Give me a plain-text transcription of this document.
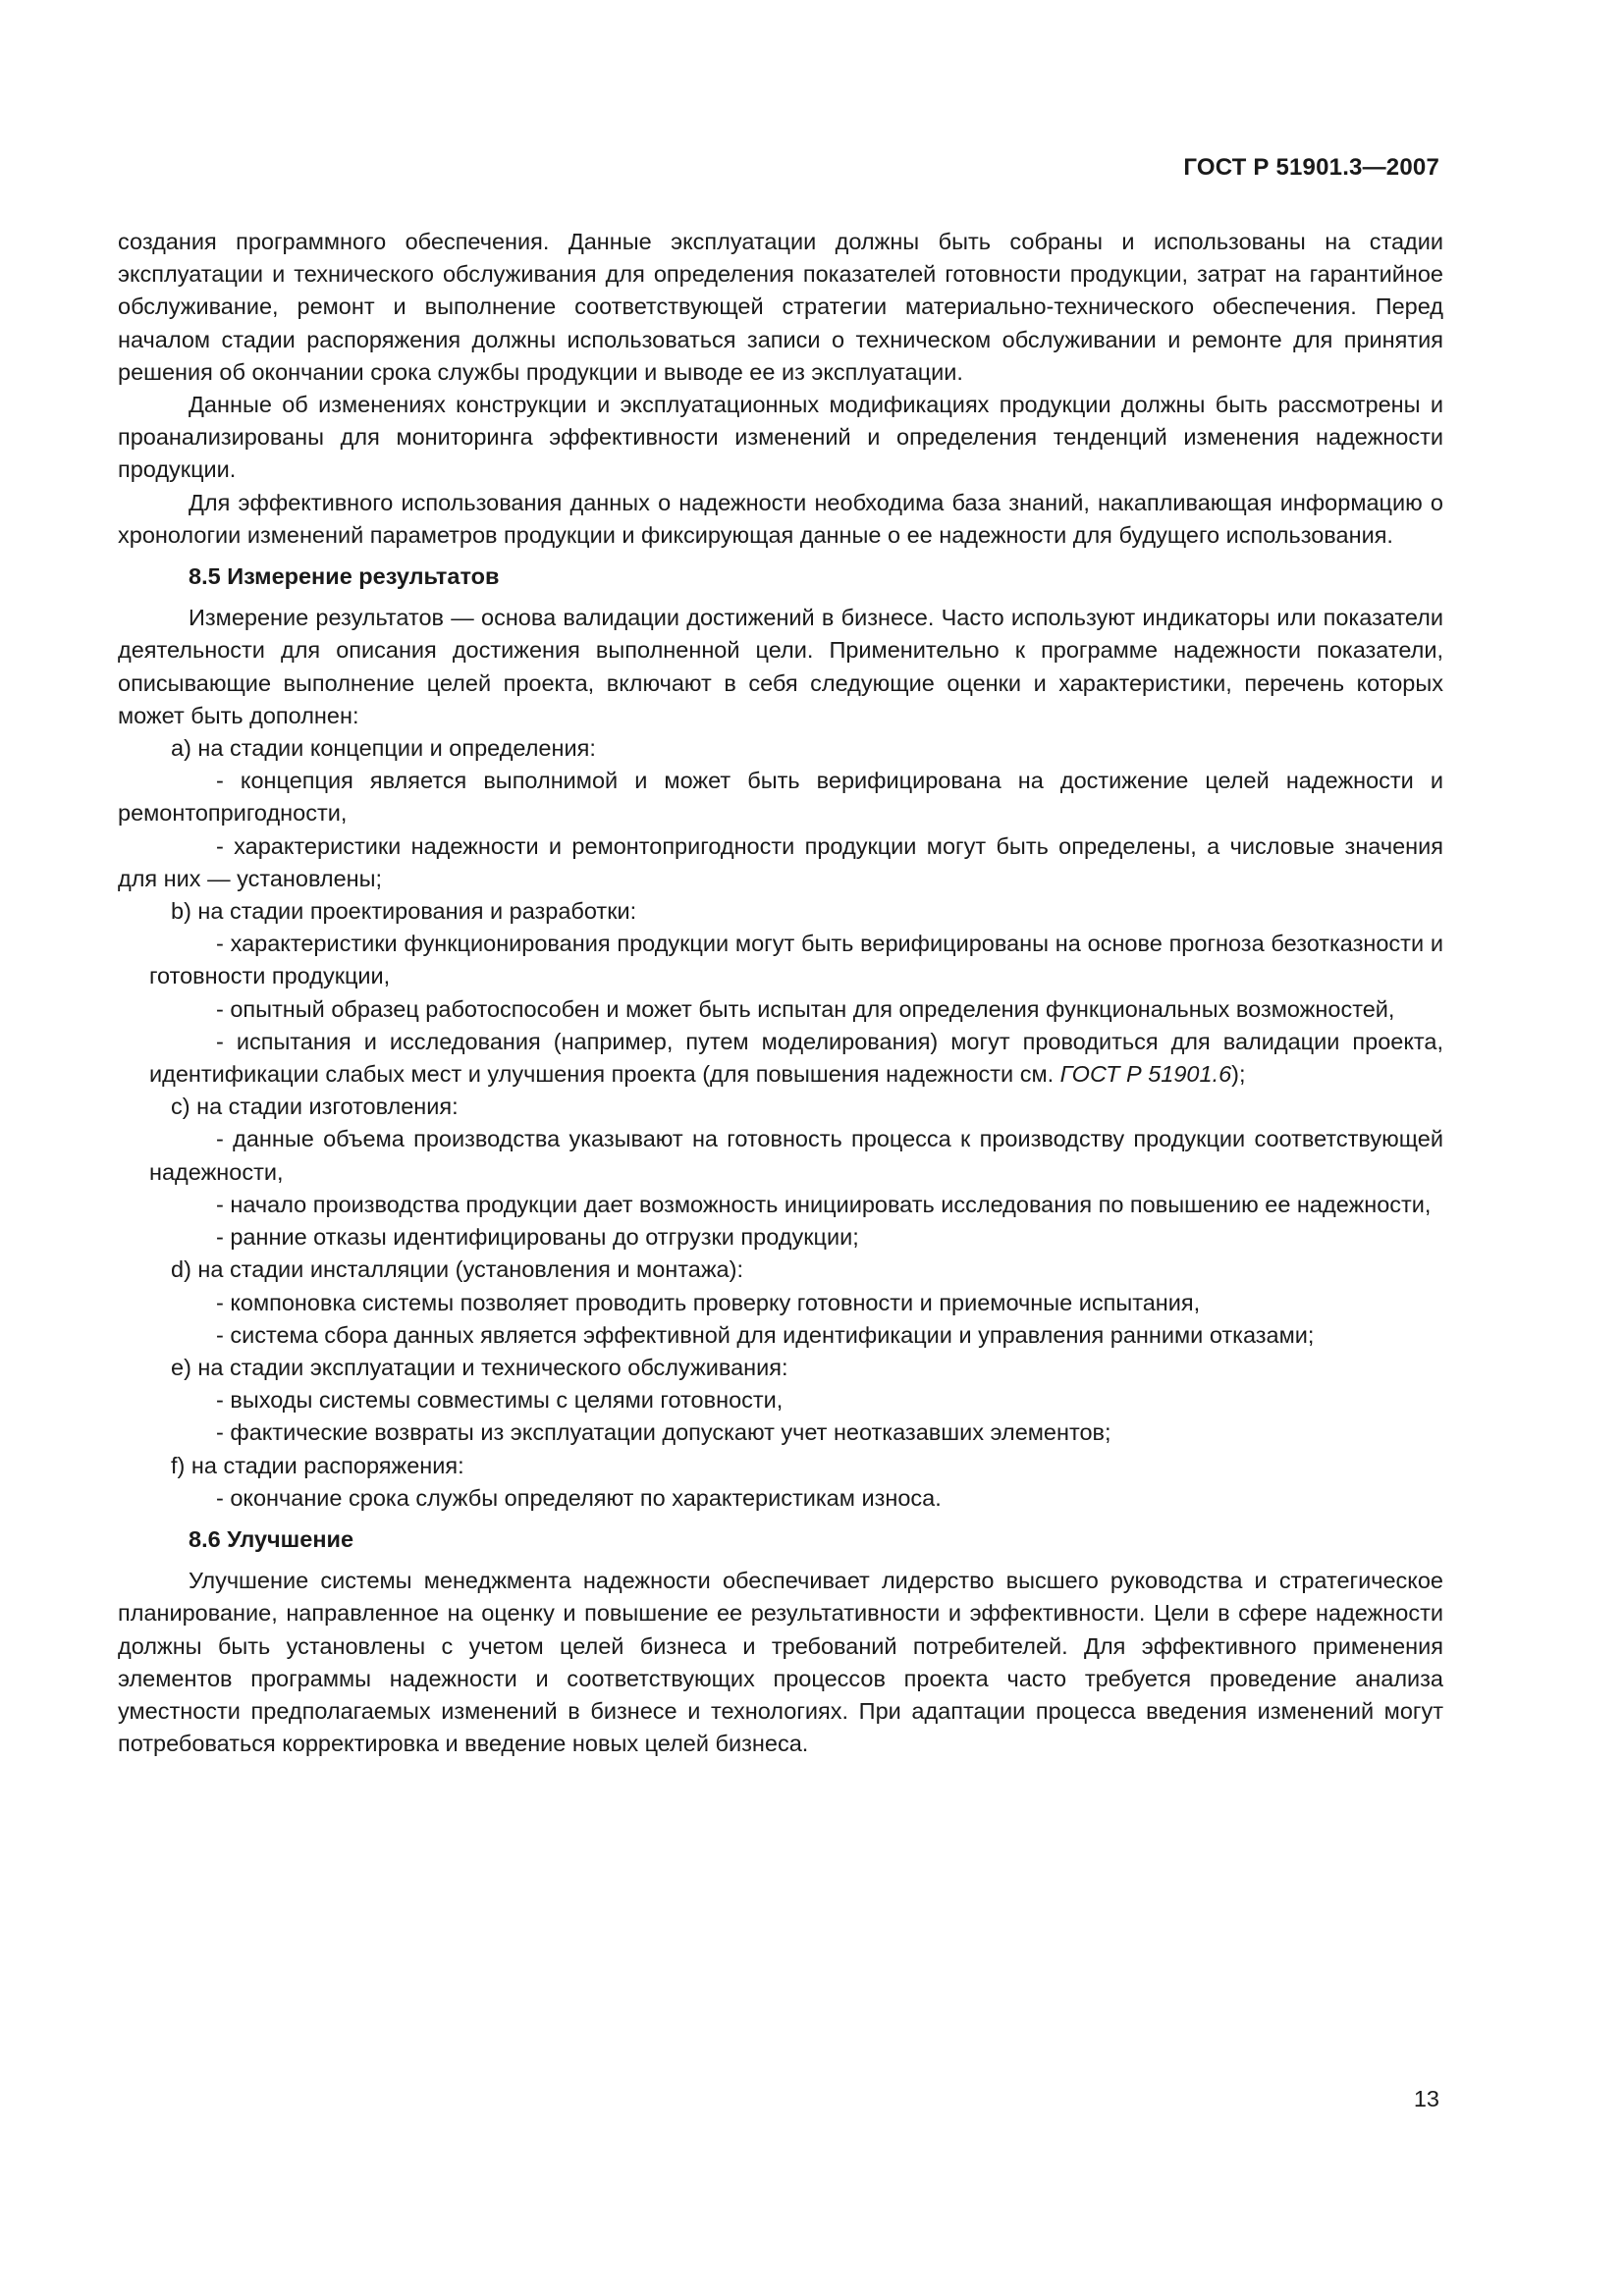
ГОСТ Р 51901.3—2007

создания программного обеспечения. Данные эксплуатации должны быть собраны и использованы на стадии эксплуатации и технического обслуживания для определения показателей готовности продукции, затрат на гарантийное обслуживание, ремонт и выполнение соответствующей стратегии материально-технического обеспечения. Перед началом стадии распоряжения должны использоваться записи о техническом обслуживании и ремонте для принятия решения об окончании срока службы продукции и выводе ее из эксплуатации.

Данные об изменениях конструкции и эксплуатационных модификациях продукции должны быть рассмотрены и проанализированы для мониторинга эффективности изменений и определения тенденций изменения надежности продукции.

Для эффективного использования данных о надежности необходима база знаний, накапливающая информацию о хронологии изменений параметров продукции и фиксирующая данные о ее надежности для будущего использования.

8.5 Измерение результатов

Измерение результатов — основа валидации достижений в бизнесе. Часто используют индикаторы или показатели деятельности для описания достижения выполненной цели. Применительно к программе надежности показатели, описывающие выполнение целей проекта, включают в себя следующие оценки и характеристики, перечень которых может быть дополнен:

a) на стадии концепции и определения:

- концепция является выполнимой и может быть верифицирована на достижение целей надежности и ремонтопригодности,

- характеристики надежности и ремонтопригодности продукции могут быть определены, а числовые значения для них — установлены;

b) на стадии проектирования и разработки:

- характеристики функционирования продукции могут быть верифицированы на основе прогноза безотказности и готовности продукции,

- опытный образец работоспособен и может быть испытан для определения функциональных возможностей,

- испытания и исследования (например, путем моделирования) могут проводиться для валидации проекта, идентификации слабых мест и улучшения проекта (для повышения надежности см. ГОСТ Р 51901.6);

c) на стадии изготовления:

- данные объема производства указывают на готовность процесса к производству продукции соответствующей надежности,

- начало производства продукции дает возможность инициировать исследования по повышению ее надежности,

- ранние отказы идентифицированы до отгрузки продукции;

d) на стадии инсталляции (установления и монтажа):

- компоновка системы позволяет проводить проверку готовности и приемочные испытания,

- система сбора данных является эффективной для идентификации и управления ранними отказами;

e) на стадии эксплуатации и технического обслуживания:

- выходы системы совместимы с целями готовности,

- фактические возвраты из эксплуатации допускают учет неотказавших элементов;

f) на стадии распоряжения:

- окончание срока службы определяют по характеристикам износа.

8.6 Улучшение

Улучшение системы менеджмента надежности обеспечивает лидерство высшего руководства и стратегическое планирование, направленное на оценку и повышение ее результативности и эффективности. Цели в сфере надежности должны быть установлены с учетом целей бизнеса и требований потребителей. Для эффективного применения элементов программы надежности и соответствующих процессов проекта часто требуется проведение анализа уместности предполагаемых изменений в бизнесе и технологиях. При адаптации процесса введения изменений могут потребоваться корректировка и введение новых целей бизнеса.

13
